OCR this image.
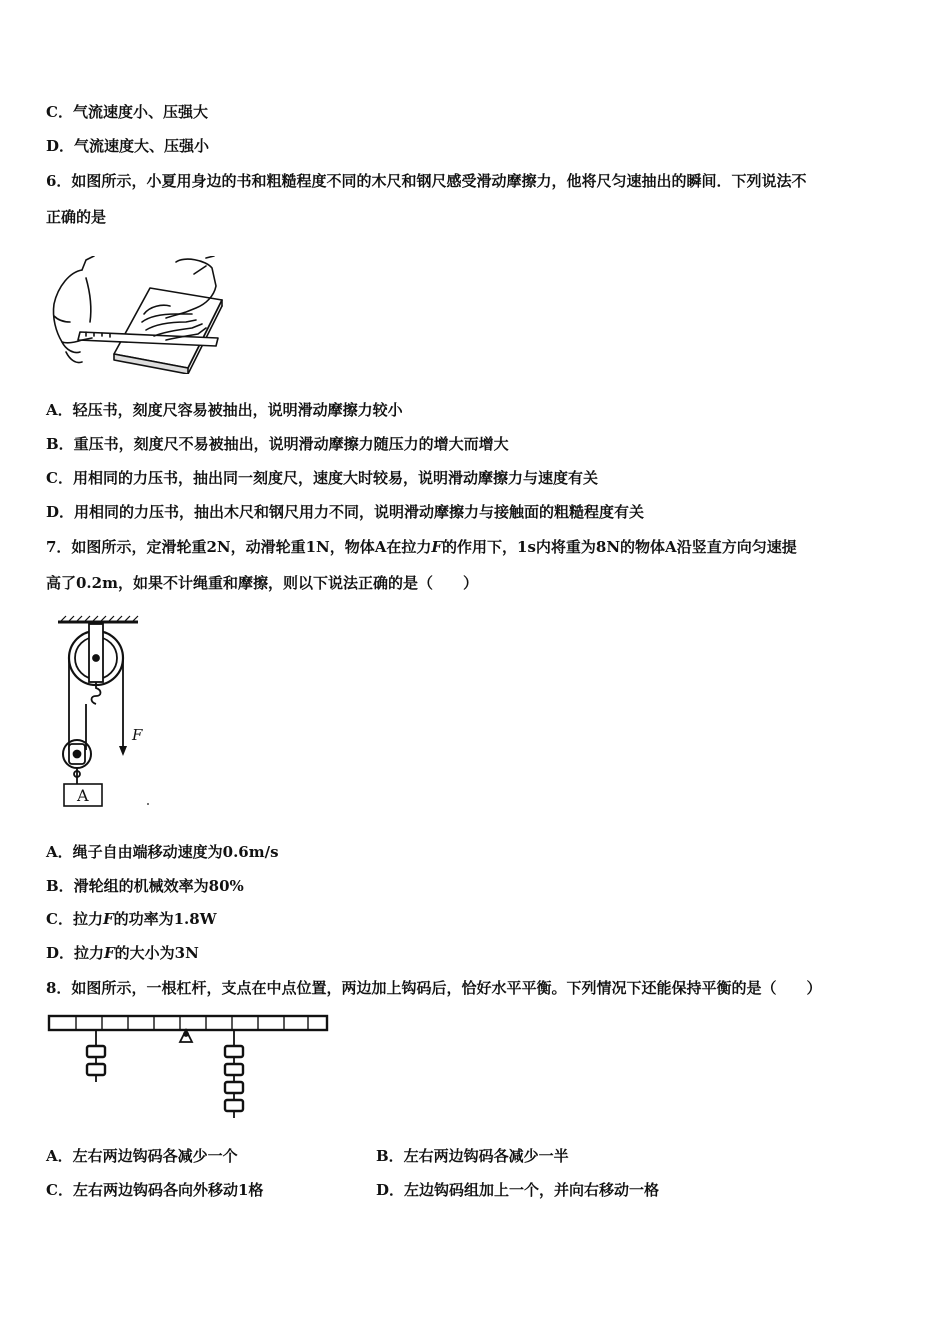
C．气流速度小、压强大
D．气流速度大、压强小
6．如图所示，小夏用身边的书和粗糙程度不同的木尺和钢尺感受滑动摩擦力，他将尺匀速抽出的瞬间．下列说法不
正确的是
A．轻压书，刻度尺容易被抽出，说明滑动摩擦力较小
B．重压书，刻度尺不易被抽出，说明滑动摩擦力随压力的增大而增大
C．用相同的力压书，抽出同一刻度尺，速度大时较易，说明滑动摩擦力与速度有关
D．用相同的力压书，抽出木尺和钢尺用力不同，说明滑动摩擦力与接触面的粗糙程度有关
7．如图所示，定滑轮重2N，动滑轮重1N，物体A在拉力F的作用下，1s内将重为8N的物体A沿竖直方向匀速提
高了0.2m，如果不计绳重和摩擦，则以下说法正确的是（　　）
F
A
A．绳子自由端移动速度为0.6m/s
B．滑轮组的机械效率为80%
C．拉力F的功率为1.8W
D．拉力F的大小为3N
8．如图所示，一根杠杆，支点在中点位置，两边加上钩码后，恰好水平平衡。下列情况下还能保持平衡的是（　　）
A．左右两边钩码各减少一个	B．左右两边钩码各减少一半
C．左右两边钩码各向外移动1格	D．左边钩码组加上一个，并向右移动一格
